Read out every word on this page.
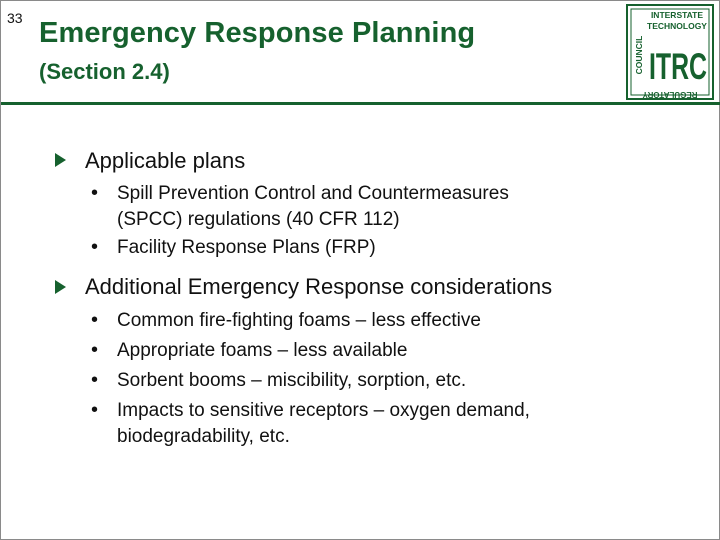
33 Emergency Response Planning
(Section 2.4)
INTERSTATE
TECHNOLOGY
COUNCIL ITRC
REGULATORY
Applicable plans
• Spill Prevention Control and Countermeasures
(SPCC) regulations (40 CFR 112)
• Facility Response Plans (FRP)
Additional Emergency Response considerations
• Common fire-fighting foams – less effective
• Appropriate foams – less available
• Sorbent booms – miscibility, sorption, etc.
• Impacts to sensitive receptors – oxygen demand,
biodegradability, etc.
